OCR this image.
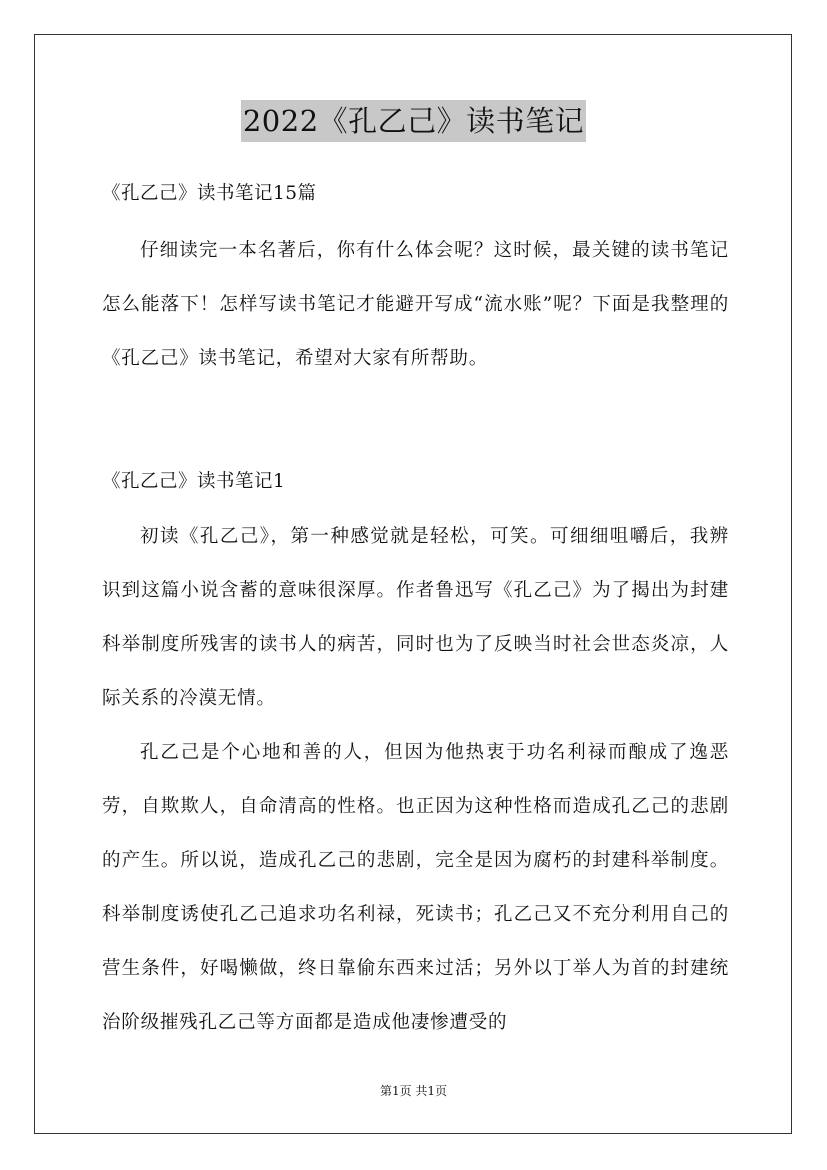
2022《孔乙己》读书笔记

《孔乙己》读书笔记15篇

仔细读完一本名著后，你有什么体会呢？这时候，最关键的读书笔记怎么能落下！怎样写读书笔记才能避开写成“流水账”呢？下面是我整理的《孔乙己》读书笔记，希望对大家有所帮助。

《孔乙己》读书笔记1

初读《孔乙己》，第一种感觉就是轻松，可笑。可细细咀嚼后，我辨识到这篇小说含蓄的意味很深厚。作者鲁迅写《孔乙己》为了揭出为封建科举制度所残害的读书人的病苦，同时也为了反映当时社会世态炎凉，人际关系的冷漠无情。

孔乙己是个心地和善的人，但因为他热衷于功名利禄而酿成了逸恶劳，自欺欺人，自命清高的性格。也正因为这种性格而造成孔乙己的悲剧的产生。所以说，造成孔乙己的悲剧，完全是因为腐朽的封建科举制度。科举制度诱使孔乙己追求功名利禄，死读书；孔乙己又不充分利用自己的营生条件，好喝懒做，终日靠偷东西来过活；另外以丁举人为首的封建统治阶级摧残孔乙己等方面都是造成他凄惨遭受的

第1页 共1页
